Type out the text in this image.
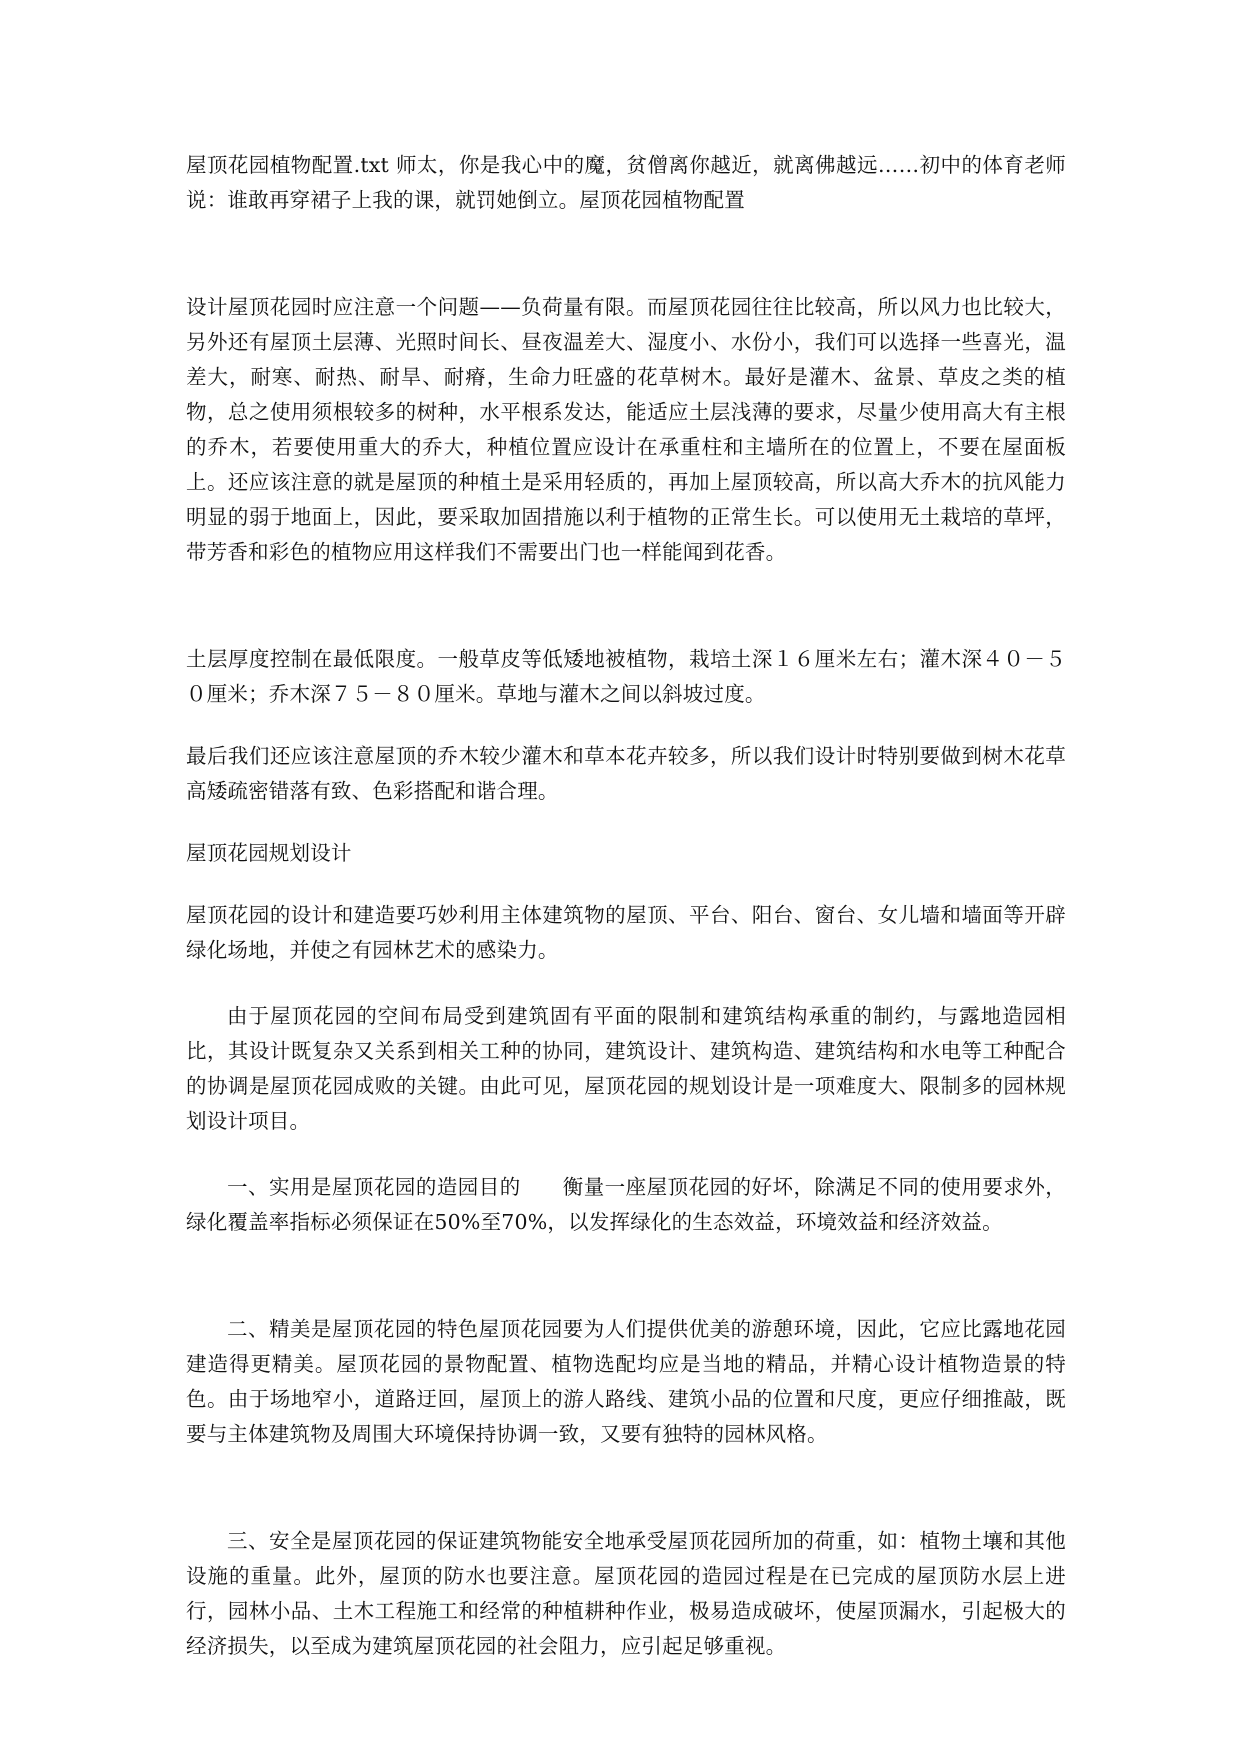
屋顶花园植物配置.txt 师太，你是我心中的魔，贫僧离你越近，就离佛越远……初中的体育老师说：谁敢再穿裙子上我的课，就罚她倒立。屋顶花园植物配置

设计屋顶花园时应注意一个问题——负荷量有限。而屋顶花园往往比较高，所以风力也比较大，另外还有屋顶土层薄、光照时间长、昼夜温差大、湿度小、水份小，我们可以选择一些喜光，温差大，耐寒、耐热、耐旱、耐瘠，生命力旺盛的花草树木。最好是灌木、盆景、草皮之类的植物，总之使用须根较多的树种，水平根系发达，能适应土层浅薄的要求，尽量少使用高大有主根的乔木，若要使用重大的乔大，种植位置应设计在承重柱和主墙所在的位置上，不要在屋面板上。还应该注意的就是屋顶的种植土是采用轻质的，再加上屋顶较高，所以高大乔木的抗风能力明显的弱于地面上，因此，要采取加固措施以利于植物的正常生长。可以使用无土栽培的草坪，带芳香和彩色的植物应用这样我们不需要出门也一样能闻到花香。

土层厚度控制在最低限度。一般草皮等低矮地被植物，栽培土深１６厘米左右；灌木深４０－５０厘米；乔木深７５－８０厘米。草地与灌木之间以斜坡过度。

最后我们还应该注意屋顶的乔木较少灌木和草本花卉较多，所以我们设计时特别要做到树木花草高矮疏密错落有致、色彩搭配和谐合理。

屋顶花园规划设计

屋顶花园的设计和建造要巧妙利用主体建筑物的屋顶、平台、阳台、窗台、女儿墙和墙面等开辟绿化场地，并使之有园林艺术的感染力。

由于屋顶花园的空间布局受到建筑固有平面的限制和建筑结构承重的制约，与露地造园相比，其设计既复杂又关系到相关工种的协同，建筑设计、建筑构造、建筑结构和水电等工种配合的协调是屋顶花园成败的关键。由此可见，屋顶花园的规划设计是一项难度大、限制多的园林规划设计项目。

一、实用是屋顶花园的造园目的　　衡量一座屋顶花园的好坏，除满足不同的使用要求外，绿化覆盖率指标必须保证在50%至70%，以发挥绿化的生态效益，环境效益和经济效益。

二、精美是屋顶花园的特色屋顶花园要为人们提供优美的游憩环境，因此，它应比露地花园建造得更精美。屋顶花园的景物配置、植物选配均应是当地的精品，并精心设计植物造景的特色。由于场地窄小，道路迂回，屋顶上的游人路线、建筑小品的位置和尺度，更应仔细推敲，既要与主体建筑物及周围大环境保持协调一致，又要有独特的园林风格。

三、安全是屋顶花园的保证建筑物能安全地承受屋顶花园所加的荷重，如：植物土壤和其他设施的重量。此外，屋顶的防水也要注意。屋顶花园的造园过程是在已完成的屋顶防水层上进行，园林小品、土木工程施工和经常的种植耕种作业，极易造成破坏，使屋顶漏水，引起极大的经济损失，以至成为建筑屋顶花园的社会阻力，应引起足够重视。
